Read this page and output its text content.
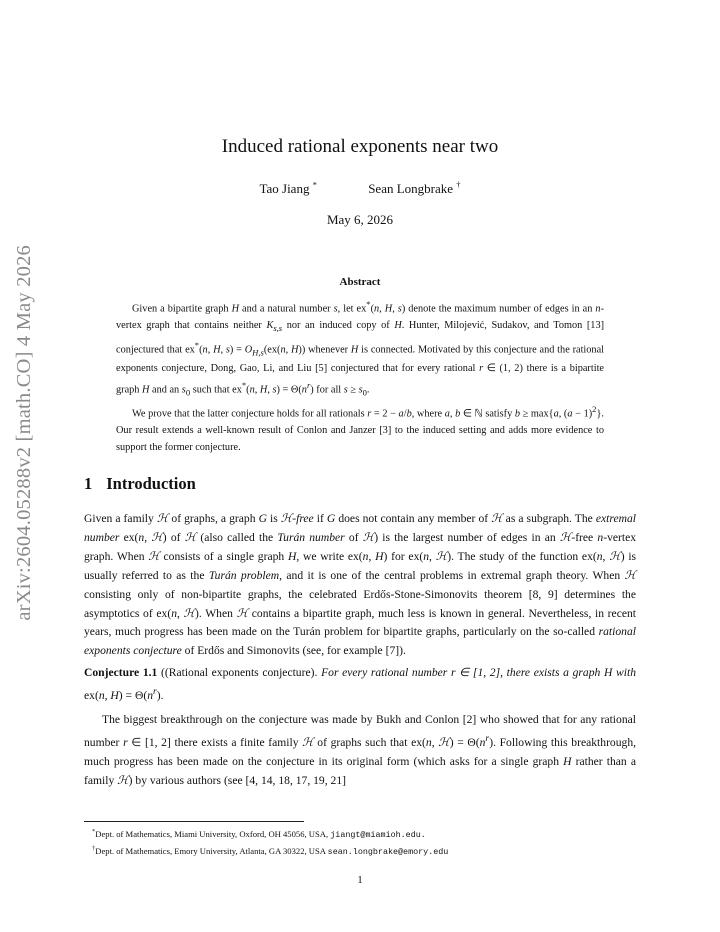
arXiv:2604.05288v2 [math.CO] 4 May 2026
Induced rational exponents near two
Tao Jiang *	Sean Longbrake †
May 6, 2026
Abstract

Given a bipartite graph H and a natural number s, let ex*(n, H, s) denote the maximum number of edges in an n-vertex graph that contains neither $K_{s,s}$ nor an induced copy of H. Hunter, Milojević, Sudakov, and Tomon [13] conjectured that ex*(n, H, $s) = O_{H,s}(ex(n$, H)) whenever H is connected. Motivated by this conjecture and the rational exponents conjecture, Dong, Gao, Li, and Liu [5] conjectured that for every rational r ∈ (1, 2) there is a bipartite graph H and an $s_0$ such that ex*(n, H, $s) = \Theta(n^r)$ for all $s \ge s_0$.

We prove that the latter conjecture holds for all rationals r = 2 − a/b, where a, b ∈ ℕ satisfy b ≥ max{a, $(a - 1)^2$}. Our result extends a well-known result of Conlon and Janzer [3] to the induced setting and adds more evidence to support the former conjecture.

1 Introduction

Given a family ℋ of graphs, a graph G is ℋ-free if G does not contain any member of ℋ as a subgraph. The extremal number ex(n, ℋ) of ℋ (also called the Turán number of ℋ) is the largest number of edges in an ℋ-free n-vertex graph. When ℋ consists of a single graph H, we write ex(n, H) for ex(n, ℋ). The study of the function ex(n, ℋ) is usually referred to as the Turán problem, and it is one of the central problems in extremal graph theory. When ℋ consisting only of non-bipartite graphs, the celebrated Erdős-Stone-Simonovits theorem [8, 9] determines the asymptotics of ex(n, ℋ). When ℋ contains a bipartite graph, much less is known in general. Nevertheless, in recent years, much progress has been made on the Turán problem for bipartite graphs, particularly on the so-called rational exponents conjecture of Erdős and Simonovits (see, for example [7]).

Conjecture 1.1 ((Rational exponents conjecture). For every rational number r ∈ [1, 2], there exists a graph H with ex(n, $H) = \Theta(n^r)$.

The biggest breakthrough on the conjecture was made by Bukh and Conlon [2] who showed that for any rational number r ∈ [1, 2] there exists a finite family ℋ of graphs such that ex(n, ℋ) = $\Theta(n^r)$. Following this breakthrough, much progress has been made on the conjecture in its original form (which asks for a single graph H rather than a family ℋ) by various authors (see [4, 14, 18, 17, 19, 21]

*Dept. of Mathematics, Miami University, Oxford, OH 45056, USA, jiangt@miamioh.edu.
†Dept. of Mathematics, Emory University, Atlanta, GA 30322, USA sean.longbrake@emory.edu
1
